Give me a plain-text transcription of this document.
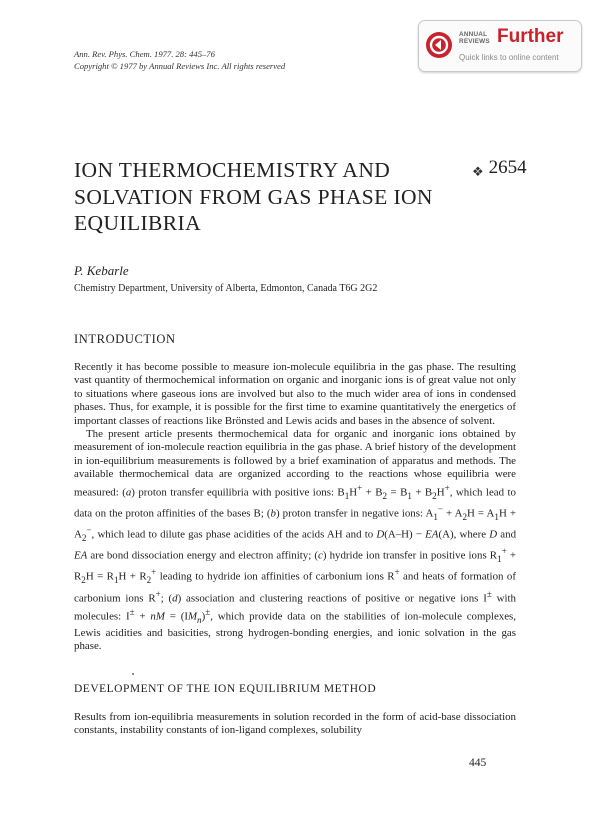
Ann. Rev. Phys. Chem. 1977. 28: 445–76
Copyright © 1977 by Annual Reviews Inc. All rights reserved
ANNUAL
REVIEWS Further
Quick links to online content
ION THERMOCHEMISTRY AND
SOLVATION FROM GAS PHASE ION
EQUILIBRIA
❖ 2654
P. Kebarle
Chemistry Department, University of Alberta, Edmonton, Canada T6G 2G2
INTRODUCTION

Recently it has become possible to measure ion-molecule equilibria in the gas phase. The resulting vast quantity of thermochemical information on organic and inorganic ions is of great value not only to situations where gaseous ions are involved but also to the much wider area of ions in condensed phases. Thus, for example, it is possible for the first time to examine quantitatively the energetics of important classes of reactions like Brönsted and Lewis acids and bases in the absence of solvent.

The present article presents thermochemical data for organic and inorganic ions obtained by measurement of ion-molecule reaction equilibria in the gas phase. A brief history of the development in ion-equilibrium measurements is followed by a brief examination of apparatus and methods. The available thermochemical data are organized according to the reactions whose equilibria were measured: (a) proton transfer equilibria with positive ions: $B_1H^+ + B_2 = B_1 + B_2H^+$, which lead to data on the proton affinities of the bases B; (b) proton transfer in negative ions: $A_1^- + A_2H = A_1H + A_2^-$, which lead to dilute gas phase acidities of the acids AH and to D(A–H) − EA(A), where D and EA are bond dissociation energy and electron affinity; (c) hydride ion transfer in positive ions $R_1^+ + R_2H = R_1H + R_2^+$ leading to hydride ion affinities of carbonium ions R+ and heats of formation of carbonium ions R+; (d) association and clustering reactions of positive or negative ions I± with molecules: I± + nM = $(IM_n)^\pm$, which provide data on the stabilities of ion-molecule complexes, Lewis acidities and basicities, strong hydrogen-bonding energies, and ionic solvation in the gas phase.

DEVELOPMENT OF THE ION EQUILIBRIUM METHOD

Results from ion-equilibria measurements in solution recorded in the form of acid-base dissociation constants, instability constants of ion-ligand complexes, solubility

445
